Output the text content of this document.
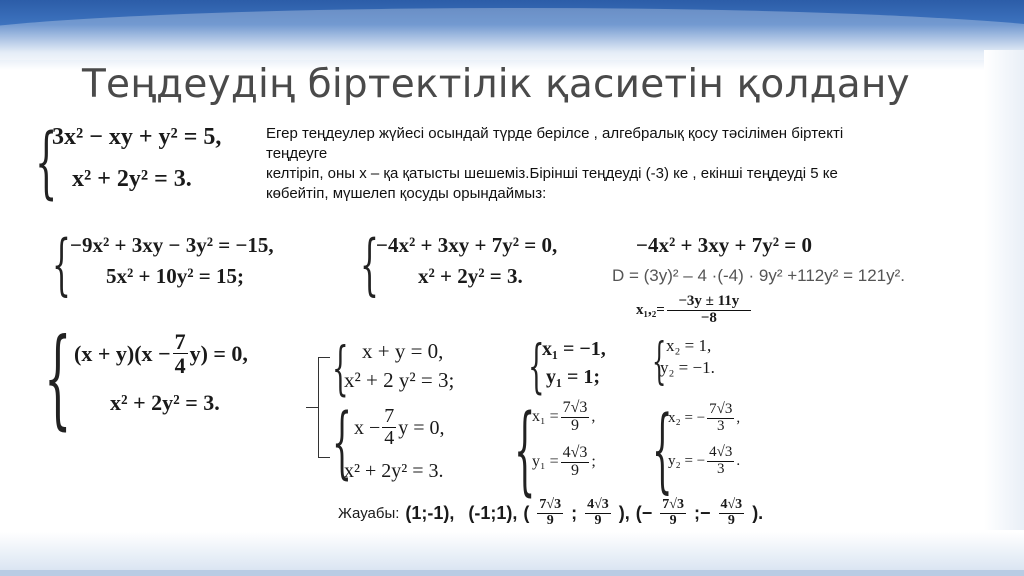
Теңдеудің біртектілік қасиетін қолдану
{
3x² − xy + y² = 5,
x² + 2y² = 3.
Егер теңдеулер жүйесі осындай түрде берілсе , алгебралық қосу тәсілімен біртекті
теңдеуге
келтіріп, оны х – қа қатысты шешеміз.Бірінші теңдеуді (-3) ке , екінші теңдеуді 5 ке
көбейтіп, мүшелеп қосуды орындаймыз:
{ −9x² + 3xy − 3y² = −15,
5x² + 10y² = 15; {
−4x² + 3xy + 7y² = 0,
x² + 2y² = 3.
−4x² + 3xy + 7y² = 0
D = (3y)² – 4 ·(-4) · 9y² +112y² = 121y².
$x_1,_2= \frac{-3y \pm 11y}{-8}$
{ $(x + y)(x - \frac{7}{4} y) = 0$,
x² + 2y² = 3.
{ x + y = 0,
x² + 2 y² = 3;
{ $x - \frac{7}{4}$ y = 0,
x² + 2y² = 3.
{
x₁ = −1,
y₁ = 1; { x₂ = 1,
y₂ = −1.
{
$x_1 = \frac{7√3}{9}$ ,
$y_1 = \frac{4√3}{9}$ ; {
x₂ = − $\frac{7√3}{3}$ ,
y₂ = − $\frac{4√3}{3}$ .
Жауабы: (1;-1), (-1;1), ( $\frac{7√3}{9}$ ; $\frac{4√3}{9}$ ), (− $\frac{7√3}{9}$ ;− $\frac{4√3}{9}$ ).
